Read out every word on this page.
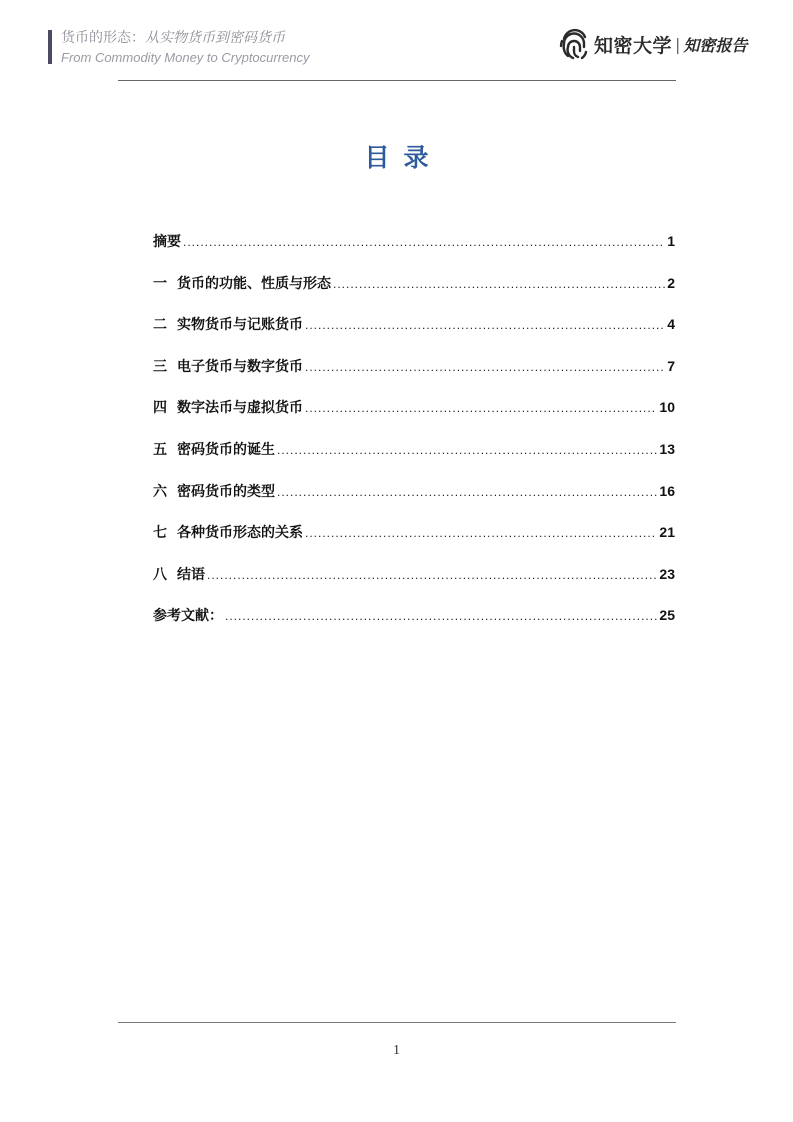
货币的形态：从实物货币到密码货币
From Commodity Money to Cryptocurrency
知密大学 | 知密报告
目录
摘要 .....	1
一 货币的功能、性质与形态 .....	2
二 实物货币与记账货币 .....	4
三 电子货币与数字货币 .....	7
四 数字法币与虚拟货币 .....	10
五 密码货币的诞生 .....	13
六 密码货币的类型 .....	16
七 各种货币形态的关系 .....	21
八 结语 .....	23
参考文献： .....	25
1
